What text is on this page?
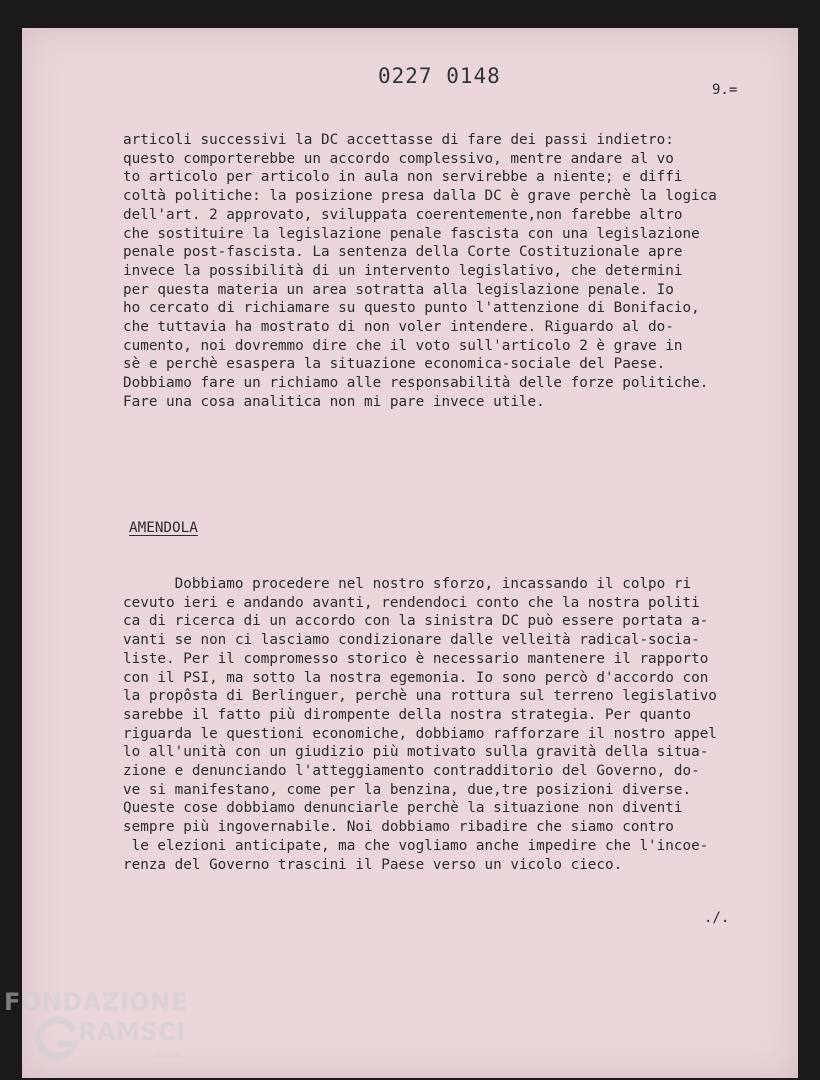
0227 0148
9.=

articoli successivi la DC accettasse di fare dei passi indietro:
questo comporterebbe un accordo complessivo, mentre andare al vo
to articolo per articolo in aula non servirebbe a niente; e diffi
coltà politiche: la posizione presa dalla DC è grave perchè la logica
dell'art. 2 approvato, sviluppata coerentemente,non farebbe altro
che sostituire la legislazione penale fascista con una legislazione
penale post-fascista. La sentenza della Corte Costituzionale apre
invece la possibilità di un intervento legislativo, che determini
per questa materia un area sotratta alla legislazione penale. Io
ho cercato di richiamare su questo punto l'attenzione di Bonifacio,
che tuttavia ha mostrato di non voler intendere. Riguardo al do-
cumento, noi dovremmo dire che il voto sull'articolo 2 è grave in
sè e perchè esaspera la situazione economica-sociale del Paese.
Dobbiamo fare un richiamo alle responsabilità delle forze politiche.
Fare una cosa analitica non mi pare invece utile.

AMENDOLA

Dobbiamo procedere nel nostro sforzo, incassando il colpo ri
cevuto ieri e andando avanti, rendendoci conto che la nostra politi
ca di ricerca di un accordo con la sinistra DC può essere portata a-
vanti se non ci lasciamo condizionare dalle velleità radical-socia-
liste. Per il compromesso storico è necessario mantenere il rapporto
con il PSI, ma sotto la nostra egemonia. Io sono percò d'accordo con
la propôsta di Berlinguer, perchè una rottura sul terreno legislativo
sarebbe il fatto più dirompente della nostra strategia. Per quanto
riguarda le questioni economiche, dobbiamo rafforzare il nostro appel
lo all'unità con un giudizio più motivato sulla gravità della situa-
zione e denunciando l'atteggiamento contradditorio del Governo, do-
ve si manifestano, come per la benzina, due,tre posizioni diverse.
Queste cose dobbiamo denunciarle perchè la situazione non diventi
sempre più ingovernabile. Noi dobbiamo ribadire che siamo contro
le elezioni anticipate, ma che vogliamo anche impedire che l'incoe-
renza del Governo trascini il Paese verso un vicolo cieco.

./.
FONDAZIONE
RAMSCI
onlus
